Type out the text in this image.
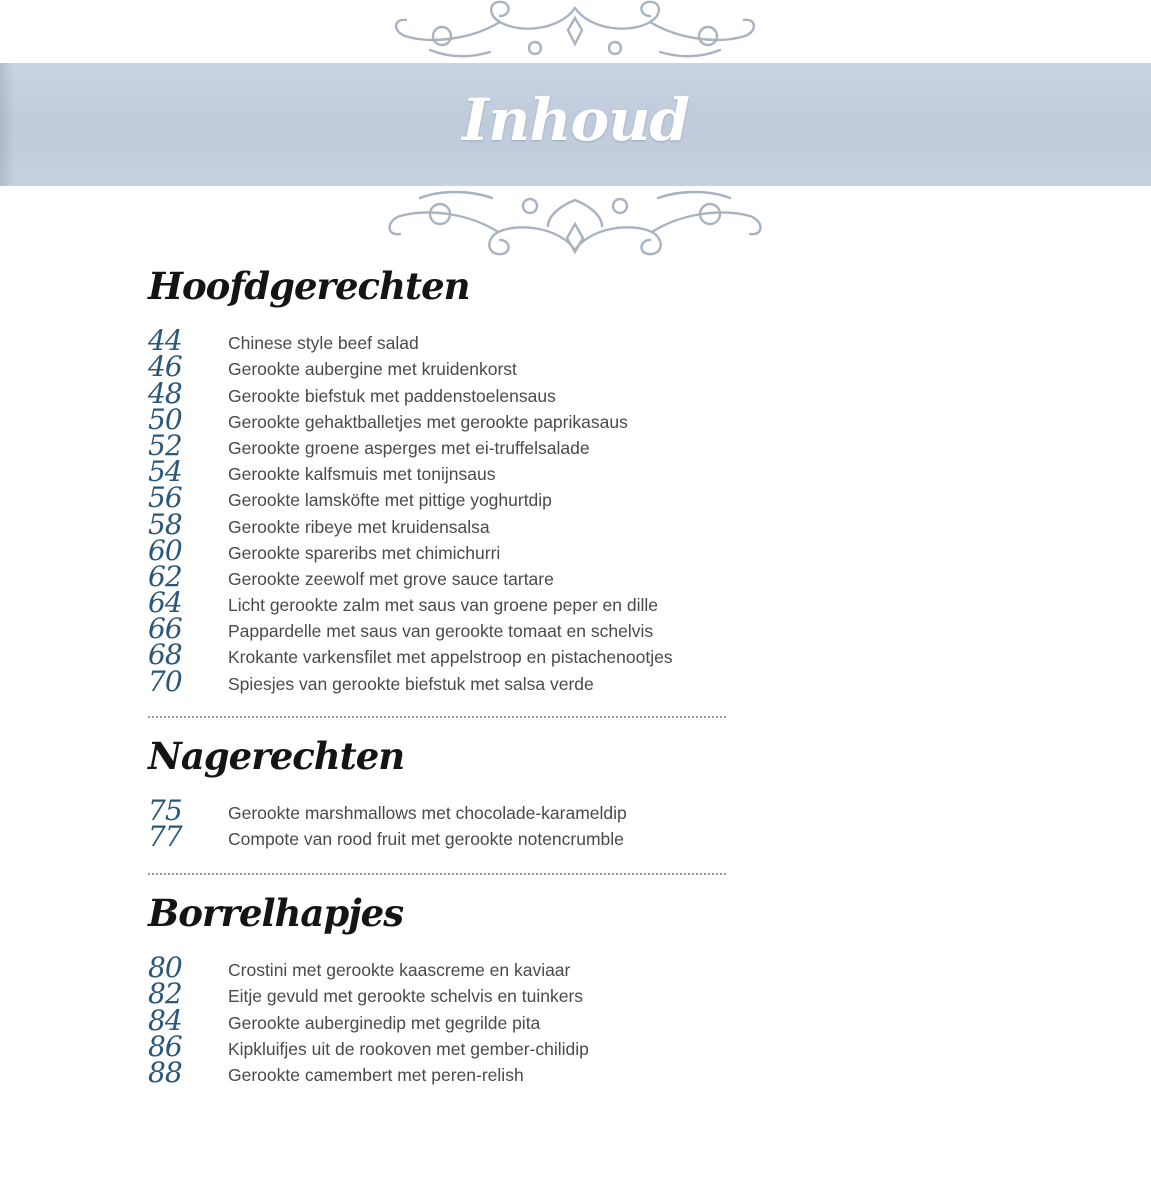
Inhoud
Hoofdgerechten
44	Chinese style beef salad
46	Gerookte aubergine met kruidenkorst
48	Gerookte biefstuk met paddenstoelensaus
50	Gerookte gehaktballetjes met gerookte paprikasaus
52	Gerookte groene asperges met ei-truffelsalade
54	Gerookte kalfsmuis met tonijnsaus
56	Gerookte lamsköfte met pittige yoghurtdip
58	Gerookte ribeye met kruidensalsa
60	Gerookte spareribs met chimichurri
62	Gerookte zeewolf met grove sauce tartare
64	Licht gerookte zalm met saus van groene peper en dille
66	Pappardelle met saus van gerookte tomaat en schelvis
68	Krokante varkensfilet met appelstroop en pistachenootjes
70	Spiesjes van gerookte biefstuk met salsa verde
Nagerechten
75	Gerookte marshmallows met chocolade-karameldip
77	Compote van rood fruit met gerookte notencrumble
Borrelhapjes
80	Crostini met gerookte kaascreme en kaviaar
82	Eitje gevuld met gerookte schelvis en tuinkers
84	Gerookte auberginedip met gegrilde pita
86	Kipkluifjes uit de rookoven met gember-chilidip
88	Gerookte camembert met peren-relish
